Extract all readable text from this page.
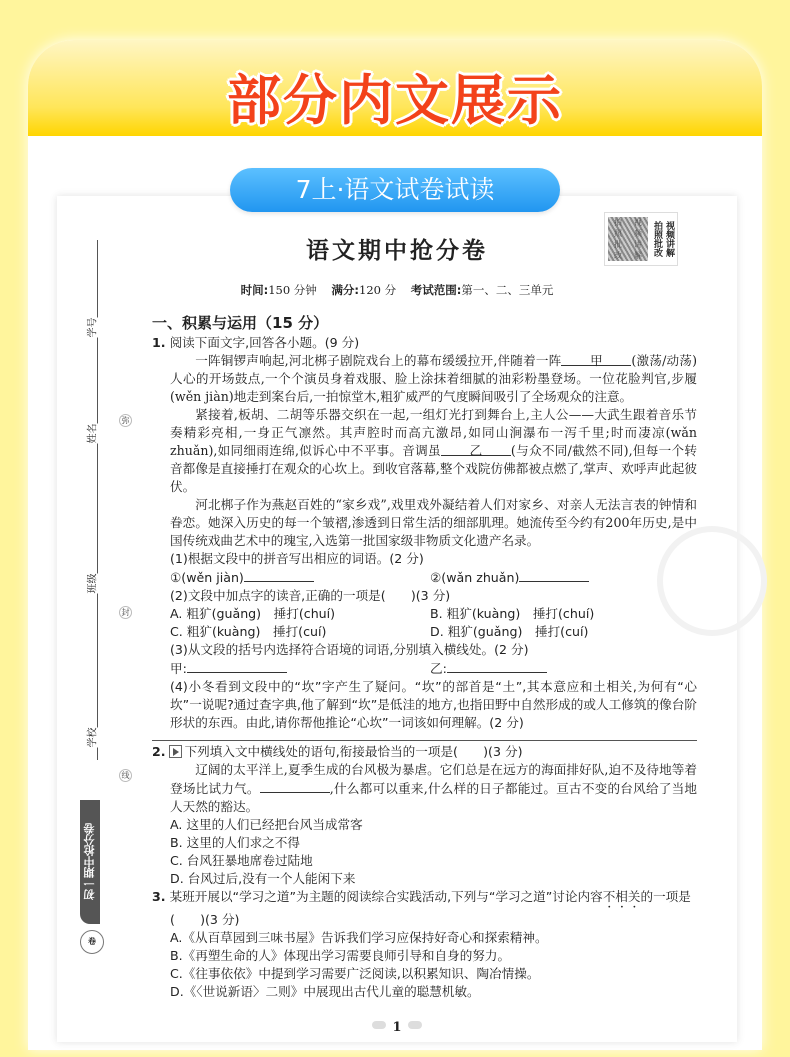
部分内文展示
7上·语文试卷试读
学号
姓名
班级
学校
弥
封
线
初一期中抢分卷
卷
语文期中抢分卷
拍	视
照	频
批	讲
改	解	视频讲解
拍照批改
时间:150 分钟 满分:120 分 考试范围:第一、二、三单元
一、积累与运用（15 分）
1. 阅读下面文字,回答各小题。(9 分)

一阵铜锣声响起,河北梆子剧院戏台上的幕布缓缓拉开,伴随着一阵 甲 (激荡/动荡)人心的开场鼓点,一个个演员身着戏服、脸上涂抹着细腻的油彩粉墨登场。一位花脸判官,步履(wěn jiàn)地走到案台后,一拍惊堂木,粗犷威严的气度瞬间吸引了全场观众的注意。

紧接着,板胡、二胡等乐器交织在一起,一组灯光打到舞台上,主人公——大武生跟着音乐节奏精彩亮相,一身正气凛然。其声腔时而高亢激昂,如同山涧瀑布一泻千里;时而凄凉(wǎn zhuǎn),如同细雨连绵,似诉心中不平事。音调虽 乙 (与众不同/截然不同),但每一个转音都像是直接捶打在观众的心坎上。到收官落幕,整个戏院仿佛都被点燃了,掌声、欢呼声此起彼伏。

河北梆子作为燕赵百姓的“家乡戏”,戏里戏外凝结着人们对家乡、对亲人无法言表的钟情和眷恋。她深入历史的每一个皱褶,渗透到日常生活的细部肌理。她流传至今约有200年历史,是中国传统戏曲艺术中的瑰宝,入选第一批国家级非物质文化遗产名录。

(1)根据文段中的拼音写出相应的词语。(2 分)
①(wěn jiàn)	②(wǎn zhuǎn)
(2)文段中加点字的读音,正确的一项是(　　)(3 分)
A. 粗犷(guǎng)　捶打(chuí)	B. 粗犷(kuàng)　捶打(chuí)
C. 粗犷(kuàng)　捶打(cuí)	D. 粗犷(guǎng)　捶打(cuí)
(3)从文段的括号内选择符合语境的词语,分别填入横线处。(2 分)
甲:	乙:
(4)小冬看到文段中的“坎”字产生了疑问。“坎”的部首是“土”,其本意应和土相关,为何有“心坎”一说呢?通过查字典,他了解到“坎”是低洼的地方,也指田野中自然形成的或人工修筑的像台阶形状的东西。由此,请你帮他推论“心坎”一词该如何理解。(2 分)
2. 下列填入文中横线处的语句,衔接最恰当的一项是(　　)(3 分)

辽阔的太平洋上,夏季生成的台风极为暴虐。它们总是在远方的海面排好队,迫不及待地等着登场比试力气。	,什么都可以重来,什么样的日子都能过。亘古不变的台风给了当地人天然的豁达。

A. 这里的人们已经把台风当成常客
B. 这里的人们求之不得
C. 台风狂暴地席卷过陆地
D. 台风过后,没有一个人能闲下来
3. 某班开展以“学习之道”为主题的阅读综合实践活动,下列与“学习之道”讨论内容不相关的一项是(　　)(3 分)
A.《从百草园到三味书屋》告诉我们学习应保持好奇心和探索精神。
B.《再塑生命的人》体现出学习需要良师引导和自身的努力。
C.《往事依依》中提到学习需要广泛阅读,以积累知识、陶冶情操。
D.《〈世说新语〉二则》中展现出古代儿童的聪慧机敏。
1
